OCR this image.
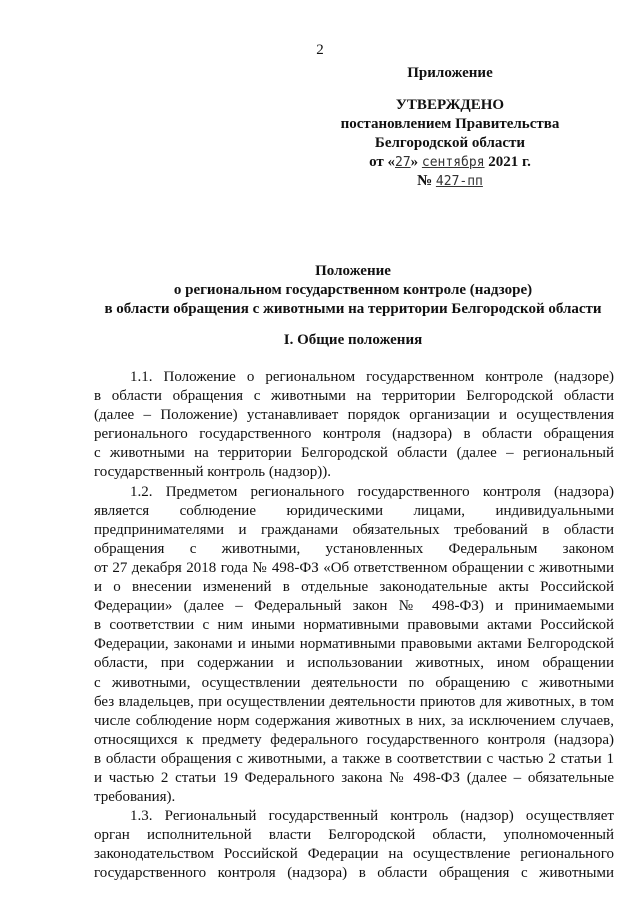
2
Приложение
УТВЕРЖДЕНО
постановлением Правительства
Белгородской области
от «27» сентября 2021 г.
№ 427-пп
Положение
о региональном государственном контроле (надзоре)
в области обращения с животными на территории Белгородской области
I. Общие положения
1.1. Положение о региональном государственном контроле (надзоре)
в области обращения с животными на территории Белгородской области
(далее – Положение) устанавливает порядок организации и осуществления
регионального государственного контроля (надзора) в области обращения
с животными на территории Белгородской области (далее – региональный
государственный контроль (надзор)).
1.2. Предметом регионального государственного контроля (надзора)
является соблюдение юридическими лицами, индивидуальными
предпринимателями и гражданами обязательных требований в области
обращения с животными, установленных Федеральным законом
от 27 декабря 2018 года № 498-ФЗ «Об ответственном обращении с животными
и о внесении изменений в отдельные законодательные акты Российской
Федерации» (далее – Федеральный закон № 498-ФЗ) и принимаемыми
в соответствии с ним иными нормативными правовыми актами Российской
Федерации, законами и иными нормативными правовыми актами Белгородской
области, при содержании и использовании животных, ином обращении
с животными, осуществлении деятельности по обращению с животными
без владельцев, при осуществлении деятельности приютов для животных, в том
числе соблюдение норм содержания животных в них, за исключением случаев,
относящихся к предмету федерального государственного контроля (надзора)
в области обращения с животными, а также в соответствии с частью 2 статьи 1
и частью 2 статьи 19 Федерального закона № 498-ФЗ (далее – обязательные
требования).
1.3. Региональный государственный контроль (надзор) осуществляет
орган исполнительной власти Белгородской области, уполномоченный
законодательством Российской Федерации на осуществление регионального
государственного контроля (надзора) в области обращения с животными
